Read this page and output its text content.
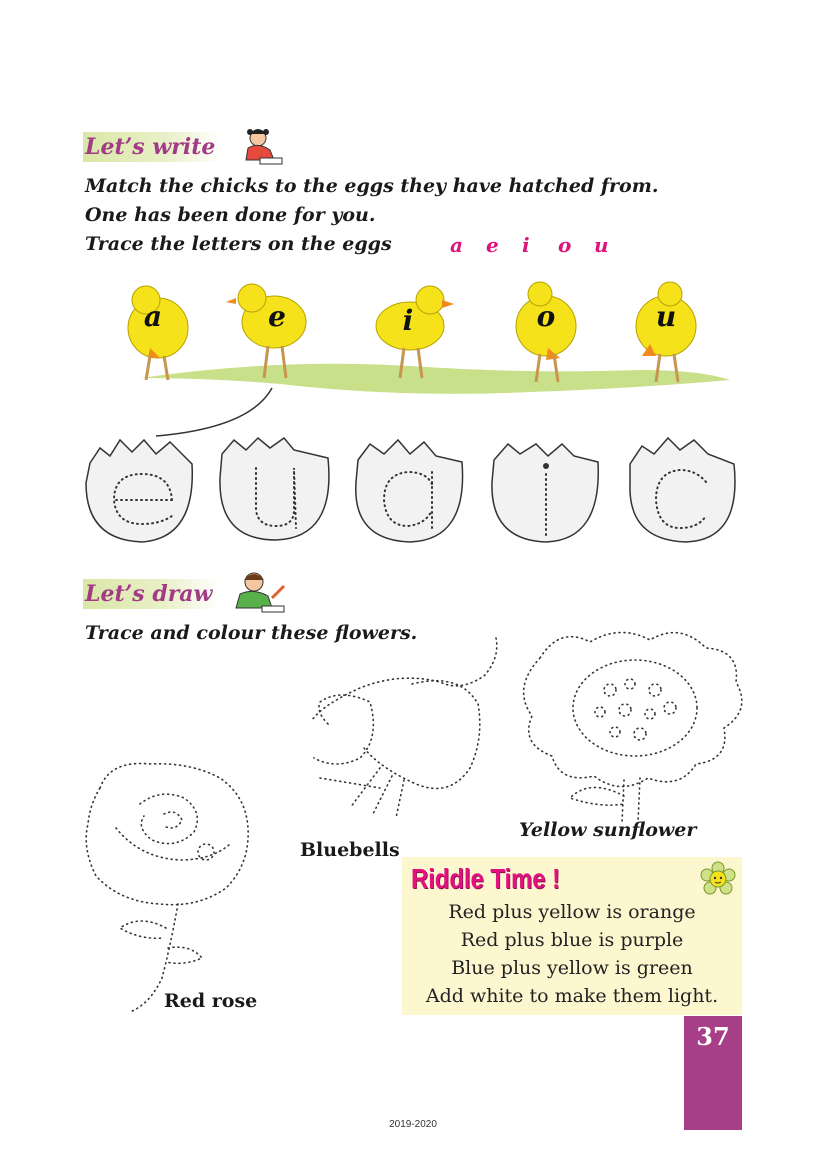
Let’s write
Match the chicks to the eggs they have hatched from.
One has been done for you.
Trace the letters on the eggs	a e i o u
a	e	i	o	u
Let’s draw
Trace and colour these flowers.
Yellow sunflower
Bluebells
Red rose
Riddle Time !
Red plus yellow is orange
Red plus blue is purple
Blue plus yellow is green
Add white to make them light.
37
2019-2020
